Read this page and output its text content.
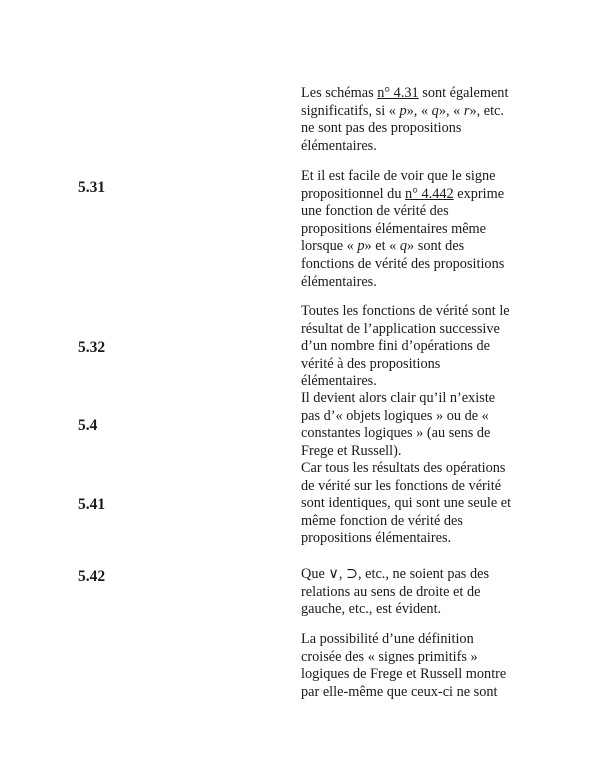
5.31
5.32
5.4
5.41
5.42
Les schémas n° 4.31 sont également
significatifs, si « p», « q», « r», etc.
ne sont pas des propositions
élémentaires.
Et il est facile de voir que le signe
propositionnel du n° 4.442 exprime
une fonction de vérité des
propositions élémentaires même
lorsque « p» et « q» sont des
fonctions de vérité des propositions
élémentaires.
Toutes les fonctions de vérité sont le
résultat de l’application successive
d’un nombre fini d’opérations de
vérité à des propositions
élémentaires.
Il devient alors clair qu’il n’existe
pas d’« objets logiques » ou de «
constantes logiques » (au sens de
Frege et Russell).
Car tous les résultats des opérations
de vérité sur les fonctions de vérité
sont identiques, qui sont une seule et
même fonction de vérité des
propositions élémentaires.
Que ∨, ⊃, etc., ne soient pas des
relations au sens de droite et de
gauche, etc., est évident.
La possibilité d’une définition
croisée des « signes primitifs »
logiques de Frege et Russell montre
par elle-même que ceux-ci ne sont
